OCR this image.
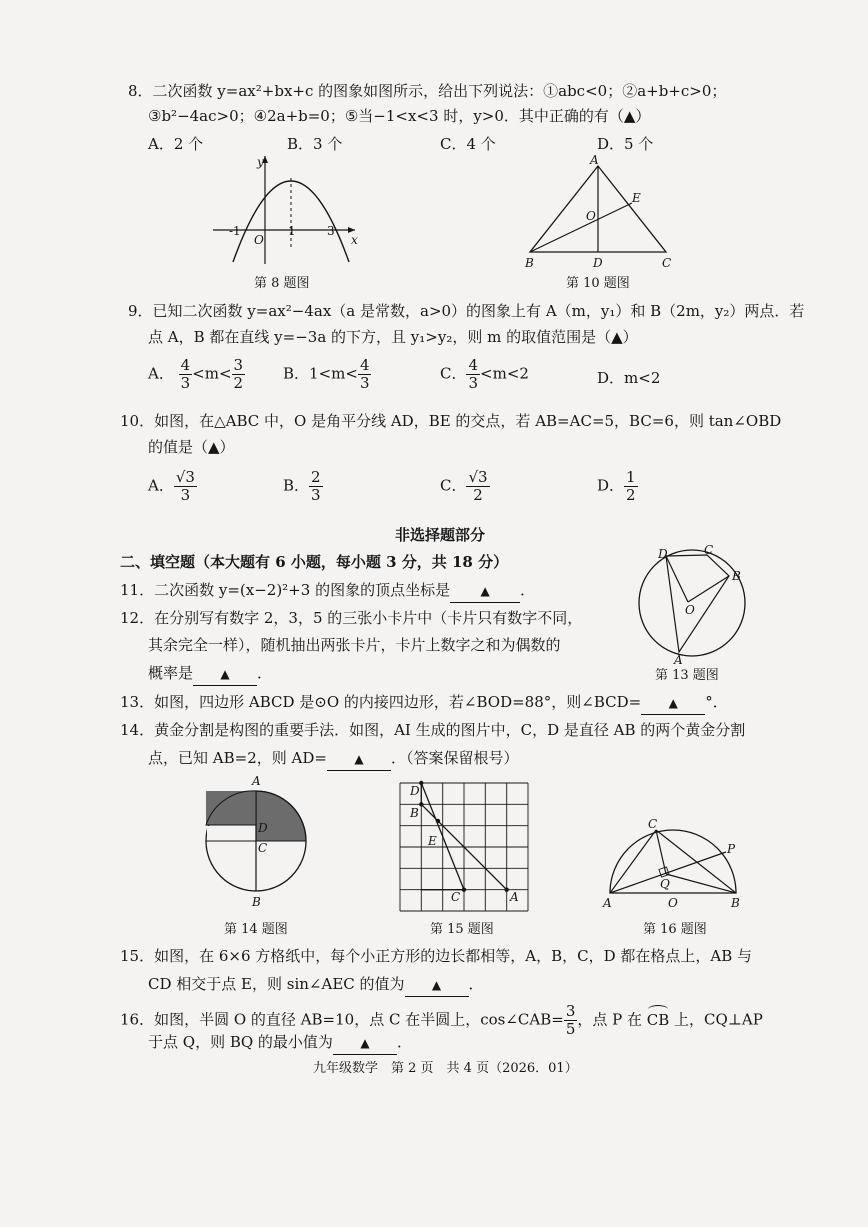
8．二次函数 y=ax²+bx+c 的图象如图所示，给出下列说法：①abc<0；②a+b+c>0；
③b²−4ac>0；④2a+b=0；⑤当−1<x<3 时，y>0．其中正确的有（▲）
A．2 个	B．3 个	C．4 个	D．5 个
y
x
O
-1	1	3
第 8 题图
A
B	C
D
E
O
第 10 题图
9．已知二次函数 y=ax²−4ax（a 是常数，a>0）的图象上有 A（m，y₁）和 B（2m，y₂）两点．若
点 A，B 都在直线 y=−3a 的下方，且 y₁>y₂，则 m 的取值范围是（▲）
A． $\frac{4}{3} <m< \frac{3}{2}$	B．$1<m< \frac{4}{3}$	C． $\frac{4}{3} <m<2$	D．m<2
10．如图，在△ABC 中，O 是角平分线 AD，BE 的交点，若 AB=AC=5，BC=6，则 tan∠OBD
的值是（▲）
A． $\frac{√3}{3}$	B． $\frac{2}{3}$	C． $\frac{√3}{2}$	D． $\frac{1}{2}$
非选择题部分
二、填空题（本大题有 6 小题，每小题 3 分，共 18 分）
11．二次函数 y=(x−2)²+3 的图象的顶点坐标是	▲ ．
12．在分别写有数字 2，3，5 的三张小卡片中（卡片只有数字不同，
其余完全一样），随机抽出两张卡片，卡片上数字之和为偶数的
概率是 ▲ ．
D	C
B
O
A
第 13 题图
13．如图，四边形 ABCD 是⊙O 的内接四边形，若∠BOD=88°，则∠BCD= ▲ °．
14．黄金分割是构图的重要手法．如图，AI 生成的图片中，C，D 是直径 AB 的两个黄金分割
点，已知 AB=2，则 AD= ▲ ．（答案保留根号）
A
D
C
B
第 14 题图
D
B
E
C	A
第 15 题图
A	B
C
P
Q
O
第 16 题图
15．如图，在 6×6 方格纸中，每个小正方形的边长都相等，A，B，C，D 都在格点上，AB 与
CD 相交于点 E，则 sin∠AEC 的值为 ▲ ．
16．如图，半圆 O 的直径 AB=10，点 C 在半圆上，cos∠CAB= $\frac{3}{5}$ ，点 P 在
CB 上，CQ⊥AP
于点 Q，则 BQ 的最小值为 ▲ ．
九年级数学　第 2 页　共 4 页（2026．01）
